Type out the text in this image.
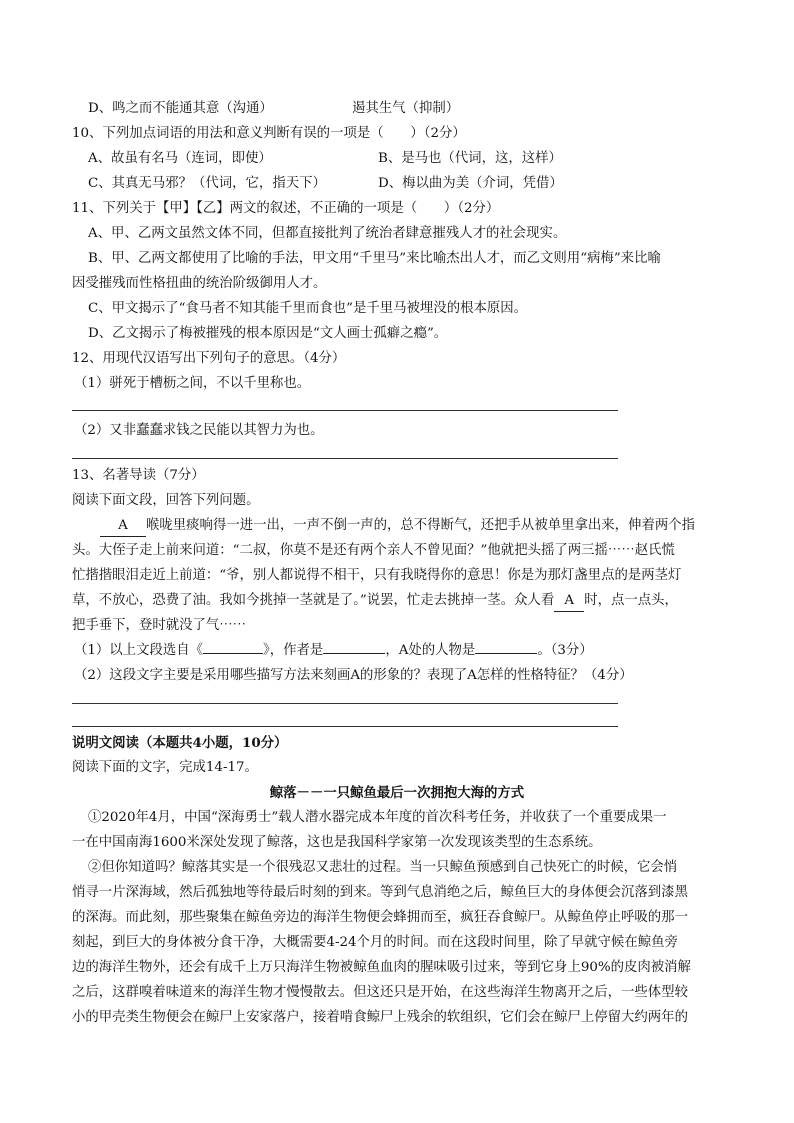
D、鸣之而不能通其意（沟通）	遏其生气（抑制）
10、下列加点词语的用法和意义判断有误的一项是（　　）（2分）
A、故虽有名马（连词，即使）	B、是马也（代词，这，这样）
C、其真无马邪？（代词，它，指天下）	D、梅以曲为美（介词，凭借）
11、下列关于【甲】【乙】两文的叙述，不正确的一项是（　　）（2分）
A、甲、乙两文虽然文体不同，但都直接批判了统治者肆意摧残人才的社会现实。
B、甲、乙两文都使用了比喻的手法，甲文用“千里马”来比喻杰出人才，而乙文则用“病梅”来比喻
因受摧残而性格扭曲的统治阶级御用人才。
C、甲文揭示了“食马者不知其能千里而食也”是千里马被埋没的根本原因。
D、乙文揭示了梅被摧残的根本原因是“文人画士孤癖之瘾”。
12、用现代汉语写出下列句子的意思。（4分）
（1）骈死于槽枥之间，不以千里称也。
（2）又非蠢蠢求钱之民能以其智力为也。
13、名著导读（7分）
阅读下面文段，回答下列问题。
A 喉咙里痰响得一进一出，一声不倒一声的，总不得断气，还把手从被单里拿出来，伸着两个指
头。大侄子走上前来问道：“二叔，你莫不是还有两个亲人不曾见面？”他就把头摇了两三摇⋯⋯赵氏慌
忙揩揩眼泪走近上前道：“爷，别人都说得不相干，只有我晓得你的意思！你是为那灯盏里点的是两茎灯
草，不放心，恐费了油。我如今挑掉一茎就是了。”说罢，忙走去挑掉一茎。众人看 A 时，点一点头，
把手垂下，登时就没了气⋯⋯
（1）以上文段选自《	》，作者是	，A处的人物是	。（3分）
（2）这段文字主要是采用哪些描写方法来刻画A的形象的？表现了A怎样的性格特征？（4分）
说明文阅读（本题共4小题，10分）
阅读下面的文字，完成14-17。
鲸落－－一只鲸鱼最后一次拥抱大海的方式
①2020年4月，中国“深海勇士”载人潜水器完成本年度的首次科考任务，并收获了一个重要成果一
一在中国南海1600米深处发现了鲸落，这也是我国科学家第一次发现该类型的生态系统。
②但你知道吗？鲸落其实是一个很残忍又悲壮的过程。当一只鲸鱼预感到自己快死亡的时候，它会悄
悄寻一片深海域，然后孤独地等待最后时刻的到来。等到气息消绝之后，鲸鱼巨大的身体便会沉落到漆黑
的深海。而此刻，那些聚集在鲸鱼旁边的海洋生物便会蜂拥而至，疯狂吞食鲸尸。从鲸鱼停止呼吸的那一
刻起，到巨大的身体被分食干净，大概需要4-24个月的时间。而在这段时间里，除了早就守候在鲸鱼旁
边的海洋生物外，还会有成千上万只海洋生物被鲸鱼血肉的腥味吸引过来，等到它身上90%的皮肉被消解
之后，这群嗅着味道来的海洋生物才慢慢散去。但这还只是开始，在这些海洋生物离开之后，一些体型较
小的甲壳类生物便会在鲸尸上安家落户，接着啃食鲸尸上残余的软组织，它们会在鲸尸上停留大约两年的
